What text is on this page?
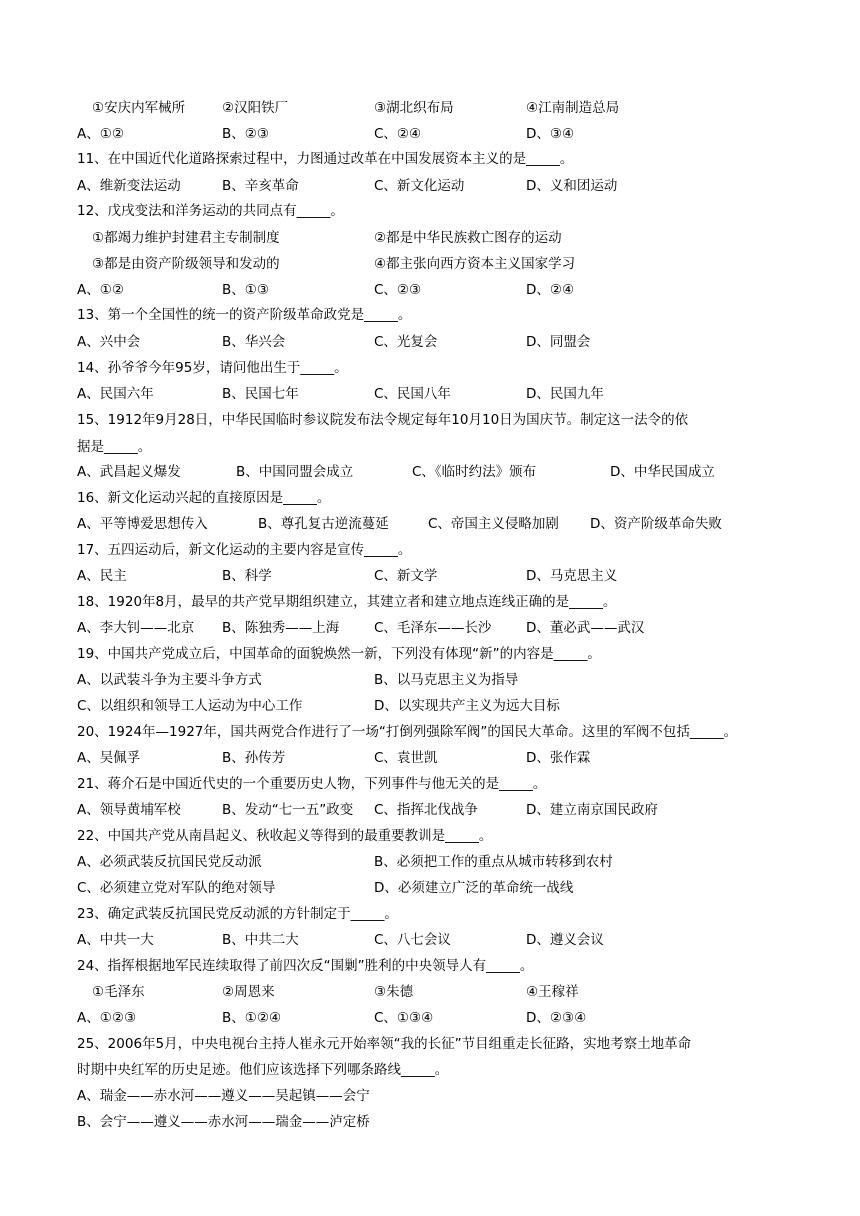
①安庆内军械所	②汉阳铁厂	③湖北织布局	④江南制造总局
A、①②	B、②③	C、②④	D、③④
11、在中国近代化道路探索过程中，力图通过改革在中国发展资本主义的是_____。
A、维新变法运动	B、辛亥革命	C、新文化运动	D、义和团运动
12、戊戌变法和洋务运动的共同点有_____。
①都竭力维护封建君主专制制度	②都是中华民族救亡图存的运动
③都是由资产阶级领导和发动的	④都主张向西方资本主义国家学习
A、①②	B、①③	C、②③	D、②④
13、第一个全国性的统一的资产阶级革命政党是_____。
A、兴中会	B、华兴会	C、光复会	D、同盟会
14、孙爷爷今年95岁，请问他出生于_____。
A、民国六年	B、民国七年	C、民国八年	D、民国九年
15、1912年9月28日，中华民国临时参议院发布法令规定每年10月10日为国庆节。制定这一法令的依
据是_____。
A、武昌起义爆发	B、中国同盟会成立	C、《临时约法》颁布	D、中华民国成立
16、新文化运动兴起的直接原因是_____。
A、平等博爱思想传入	B、尊孔复古逆流蔓延	C、帝国主义侵略加剧 D、资产阶级革命失败
17、五四运动后，新文化运动的主要内容是宣传_____。
A、民主	B、科学	C、新文学	D、马克思主义
18、1920年8月，最早的共产党早期组织建立，其建立者和建立地点连线正确的是_____。
A、李大钊——北京 B、陈独秀——上海	C、毛泽东——长沙	D、董必武——武汉
19、中国共产党成立后，中国革命的面貌焕然一新，下列没有体现“新”的内容是_____。
A、以武装斗争为主要斗争方式	B、以马克思主义为指导
C、以组织和领导工人运动为中心工作	D、以实现共产主义为远大目标
20、1924年—1927年，国共两党合作进行了一场“打倒列强除军阀”的国民大革命。这里的军阀不包括_____。
A、吴佩孚	B、孙传芳	C、袁世凯	D、张作霖
21、蒋介石是中国近代史的一个重要历史人物，下列事件与他无关的是_____。
A、领导黄埔军校	B、发动“七一五”政变 C、指挥北伐战争	D、建立南京国民政府
22、中国共产党从南昌起义、秋收起义等得到的最重要教训是_____。
A、必须武装反抗国民党反动派	B、必须把工作的重点从城市转移到农村
C、必须建立党对军队的绝对领导	D、必须建立广泛的革命统一战线
23、确定武装反抗国民党反动派的方针制定于_____。
A、中共一大	B、中共二大	C、八七会议	D、遵义会议
24、指挥根据地军民连续取得了前四次反“围剿”胜利的中央领导人有_____。
①毛泽东	②周恩来	③朱德	④王稼祥
A、①②③	B、①②④	C、①③④	D、②③④
25、2006年5月，中央电视台主持人崔永元开始率领“我的长征”节目组重走长征路，实地考察土地革命
时期中央红军的历史足迹。他们应该选择下列哪条路线_____。
A、瑞金——赤水河——遵义——吴起镇——会宁
B、会宁——遵义——赤水河——瑞金——泸定桥
